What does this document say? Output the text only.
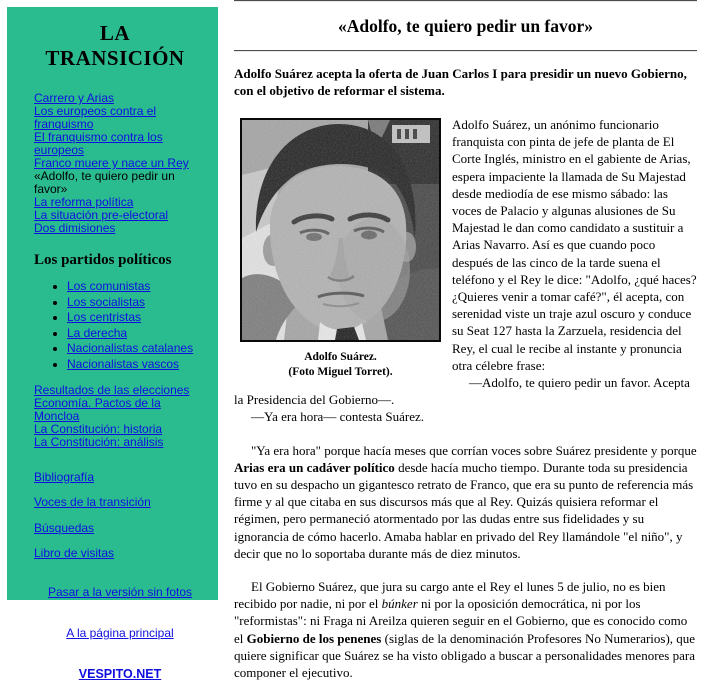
LA TRANSICIÓN
Carrero y Arias
Los europeos contra el franquismo
El franquismo contra los europeos
Franco muere y nace un Rey
«Adolfo, te quiero pedir un favor»
La reforma política
La situación pre-electoral
Dos dimisiones
Los partidos políticos
• Los comunistas
• Los socialistas
• Los centristas
• La derecha
• Nacionalistas catalanes
• Nacionalistas vascos
Resultados de las elecciones
Economía. Pactos de la Moncloa
La Constitución: historia
La Constitución: análisis
Bibliografía
Voces de la transición
Búsquedas
Libro de visitas
Pasar a la versión sin fotos
A la página principal
VESPITO.NET
«Adolfo, te quiero pedir un favor»

Adolfo Suárez acepta la oferta de Juan Carlos I para presidir un nuevo Gobierno, con el objetivo de reformar el sistema.

Adolfo Suárez.
(Foto Miguel Torret).

Adolfo Suárez, un anónimo funcionario franquista con pinta de jefe de planta de El Corte Inglés, ministro en el gabiente de Arias, espera impaciente la llamada de Su Majestad desde mediodía de ese mismo sábado: las voces de Palacio y algunas alusiones de Su Majestad le dan como candidato a sustituir a Arias Navarro. Así es que cuando poco después de las cinco de la tarde suena el teléfono y el Rey le dice: "Adolfo, ¿qué haces? ¿Quieres venir a tomar café?", él acepta, con serenidad viste un traje azul oscuro y conduce su Seat 127 hasta la Zarzuela, residencia del Rey, el cual le recibe al instante y pronuncia otra célebre frase:

—Adolfo, te quiero pedir un favor. Acepta la Presidencia del Gobierno—.

—Ya era hora— contesta Suárez.

"Ya era hora" porque hacía meses que corrían voces sobre Suárez presidente y porque Arias era un cadáver político desde hacía mucho tiempo. Durante toda su presidencia tuvo en su despacho un gigantesco retrato de Franco, que era su punto de referencia más firme y al que citaba en sus discursos más que al Rey. Quizás quisiera reformar el régimen, pero permaneció atormentado por las dudas entre sus fidelidades y su ignorancia de cómo hacerlo. Amaba hablar en privado del Rey llamándole "el niño", y decir que no lo soportaba durante más de diez minutos.

El Gobierno Suárez, que jura su cargo ante el Rey el lunes 5 de julio, no es bien recibido por nadie, ni por el búnker ni por la oposición democrática, ni por los "reformistas": ni Fraga ni Areilza quieren seguir en el Gobierno, que es conocido como el Gobierno de los penenes (siglas de la denominación Profesores No Numerarios), que quiere significar que Suárez se ha visto obligado a buscar a personalidades menores para componer el ejecutivo.
